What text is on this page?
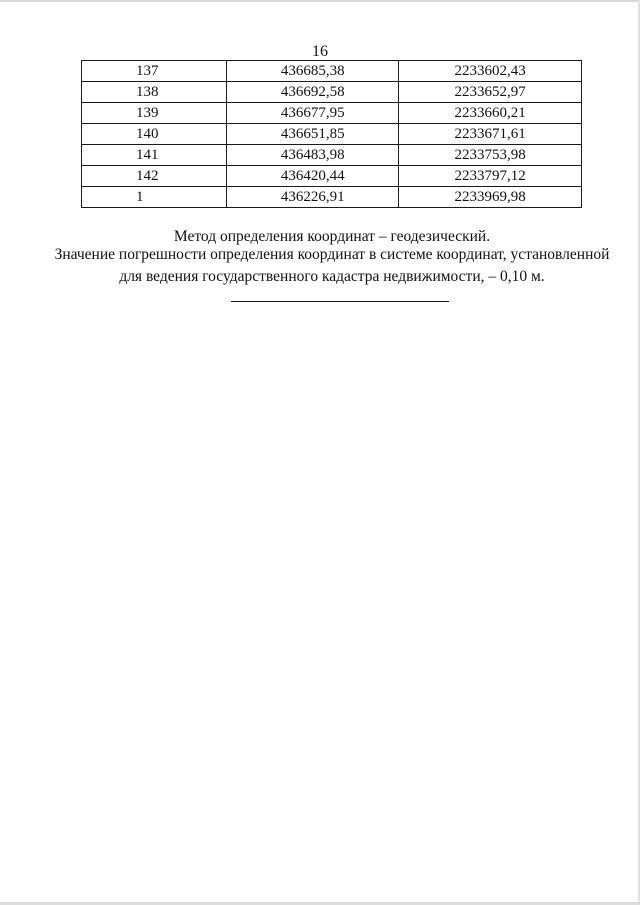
16
137	436685,38	2233602,43
138	436692,58	2233652,97
139	436677,95	2233660,21
140	436651,85	2233671,61
141	436483,98	2233753,98
142	436420,44	2233797,12
1	436226,91	2233969,98
Метод определения координат – геодезический.
Значение погрешности определения координат в системе координат, установленной
для ведения государственного кадастра недвижимости, – 0,10 м.
